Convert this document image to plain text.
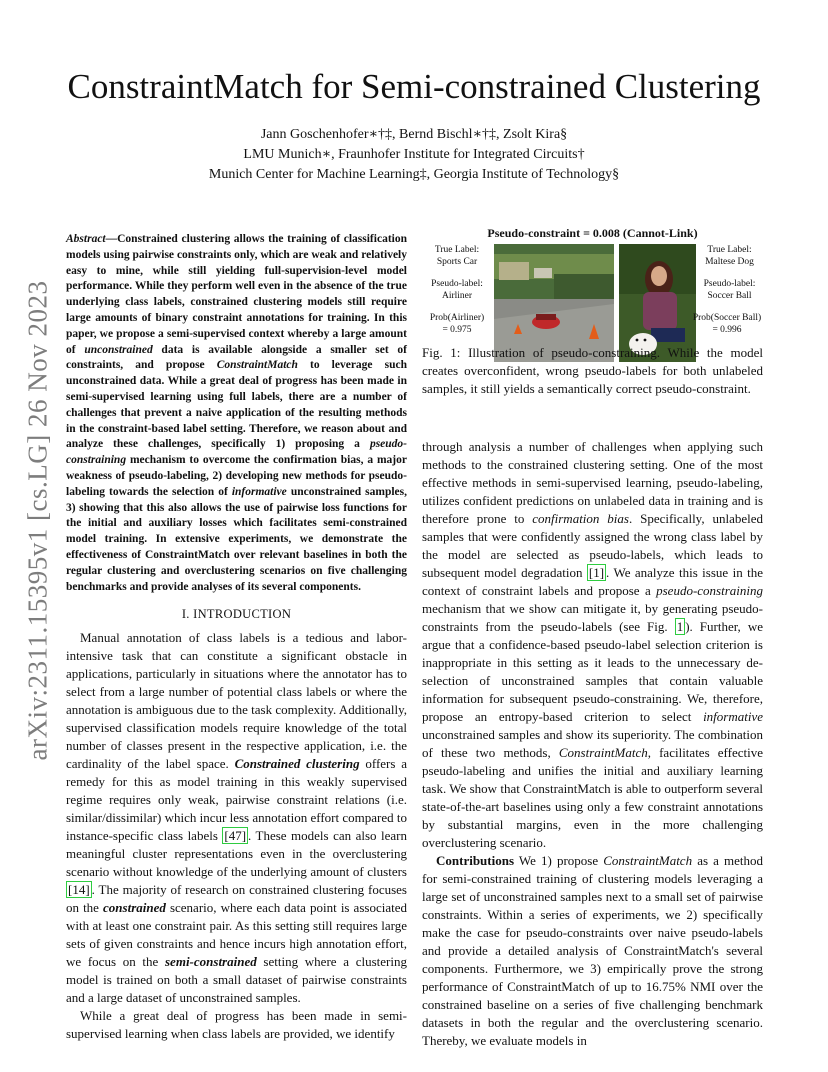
arXiv:2311.15395v1 [cs.LG] 26 Nov 2023
ConstraintMatch for Semi-constrained Clustering
Jann Goschenhofer∗†‡, Bernd Bischl∗†‡, Zsolt Kira§
LMU Munich∗, Fraunhofer Institute for Integrated Circuits†
Munich Center for Machine Learning‡, Georgia Institute of Technology§
Abstract—Constrained clustering allows the training of classification models using pairwise constraints only, which are weak and relatively easy to mine, while still yielding full-supervision-level model performance. While they perform well even in the absence of the true underlying class labels, constrained clustering models still require large amounts of binary constraint annotations for training. In this paper, we propose a semi-supervised context whereby a large amount of unconstrained data is available alongside a smaller set of constraints, and propose ConstraintMatch to leverage such unconstrained data. While a great deal of progress has been made in semi-supervised learning using full labels, there are a number of challenges that prevent a naive application of the resulting methods in the constraint-based label setting. Therefore, we reason about and analyze these challenges, specifically 1) proposing a pseudo-constraining mechanism to overcome the confirmation bias, a major weakness of pseudo-labeling, 2) developing new methods for pseudo-labeling towards the selection of informative unconstrained samples, 3) showing that this also allows the use of pairwise loss functions for the initial and auxiliary losses which facilitates semi-constrained model training. In extensive experiments, we demonstrate the effectiveness of ConstraintMatch over relevant baselines in both the regular clustering and overclustering scenarios on five challenging benchmarks and provide analyses of its several components.
I. INTRODUCTION

Manual annotation of class labels is a tedious and labor-intensive task that can constitute a significant obstacle in applications, particularly in situations where the annotator has to select from a large number of potential class labels or where the annotation is ambiguous due to the task complexity. Additionally, supervised classification models require knowledge of the total number of classes present in the respective application, i.e. the cardinality of the label space. Constrained clustering offers a remedy for this as model training in this weakly supervised regime requires only weak, pairwise constraint relations (i.e. similar/dissimilar) which incur less annotation effort compared to instance-specific class labels [47] . These models can also learn meaningful cluster representations even in the overclustering scenario without knowledge of the underlying amount of clusters [14] . The majority of research on constrained clustering focuses on the constrained scenario, where each data point is associated with at least one constraint pair. As this setting still requires large sets of given constraints and hence incurs high annotation effort, we focus on the semi-constrained setting where a clustering model is trained on both a small dataset of pairwise constraints and a large dataset of unconstrained samples.

While a great deal of progress has been made in semi-supervised learning when class labels are provided, we identify

Pseudo-constraint = 0.008 (Cannot-Link)
True Label:
Sports Car
Pseudo-label:
Airliner
Prob(Airliner)
= 0.975
True Label:
Maltese Dog
Pseudo-label:
Soccer Ball
Prob(Soccer Ball)
= 0.996
Fig. 1: Illustration of pseudo-constraining. While the model creates overconfident, wrong pseudo-labels for both unlabeled samples, it still yields a semantically correct pseudo-constraint.

through analysis a number of challenges when applying such methods to the constrained clustering setting. One of the most effective methods in semi-supervised learning, pseudo-labeling, utilizes confident predictions on unlabeled data in training and is therefore prone to confirmation bias. Specifically, unlabeled samples that were confidently assigned the wrong class label by the model are selected as pseudo-labels, which leads to subsequent model degradation [1] . We analyze this issue in the context of constraint labels and propose a pseudo-constraining mechanism that we show can mitigate it, by generating pseudo-constraints from the pseudo-labels (see Fig. 1 ). Further, we argue that a confidence-based pseudo-label selection criterion is inappropriate in this setting as it leads to the unnecessary de-selection of unconstrained samples that contain valuable information for subsequent pseudo-constraining. We, therefore, propose an entropy-based criterion to select informative unconstrained samples and show its superiority. The combination of these two methods, ConstraintMatch, facilitates effective pseudo-labeling and unifies the initial and auxiliary learning task. We show that ConstraintMatch is able to outperform several state-of-the-art baselines using only a few constraint annotations by substantial margins, even in the more challenging overclustering scenario.

Contributions We 1) propose ConstraintMatch as a method for semi-constrained training of clustering models leveraging a large set of unconstrained samples next to a small set of pairwise constraints. Within a series of experiments, we 2) specifically make the case for pseudo-constraints over naive pseudo-labels and provide a detailed analysis of ConstraintMatch's several components. Furthermore, we 3) empirically prove the strong performance of ConstraintMatch of up to 16.75% NMI over the constrained baseline on a series of five challenging benchmark datasets in both the regular and the overclustering scenario. Thereby, we evaluate models in
